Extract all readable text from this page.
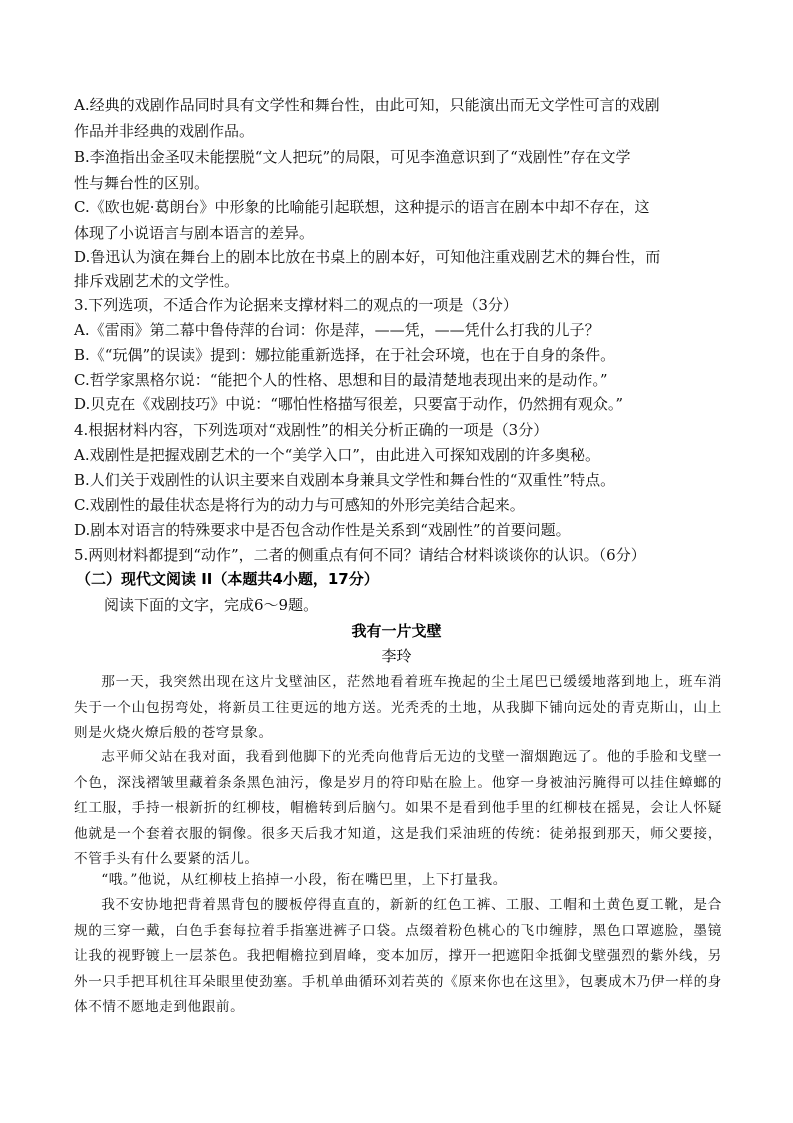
A.经典的戏剧作品同时具有文学性和舞台性，由此可知，只能演出而无文学性可言的戏剧
作品并非经典的戏剧作品。
B.李渔指出金圣叹未能摆脱“文人把玩”的局限，可见李渔意识到了“戏剧性”存在文学
性与舞台性的区别。
C.《欧也妮·葛朗台》中形象的比喻能引起联想，这种提示的语言在剧本中却不存在，这
体现了小说语言与剧本语言的差异。
D.鲁迅认为演在舞台上的剧本比放在书桌上的剧本好，可知他注重戏剧艺术的舞台性，而
排斥戏剧艺术的文学性。
3.下列选项，不适合作为论据来支撑材料二的观点的一项是（3分）
A.《雷雨》第二幕中鲁侍萍的台词：你是萍，——凭，——凭什么打我的儿子？
B.《“玩偶”的误读》提到：娜拉能重新选择，在于社会环境，也在于自身的条件。
C.哲学家黑格尔说：“能把个人的性格、思想和目的最清楚地表现出来的是动作。”
D.贝克在《戏剧技巧》中说：“哪怕性格描写很差，只要富于动作，仍然拥有观众。”
4.根据材料内容，下列选项对“戏剧性”的相关分析正确的一项是（3分）
A.戏剧性是把握戏剧艺术的一个“美学入口”，由此进入可探知戏剧的许多奥秘。
B.人们关于戏剧性的认识主要来自戏剧本身兼具文学性和舞台性的“双重性”特点。
C.戏剧性的最佳状态是将行为的动力与可感知的外形完美结合起来。
D.剧本对语言的特殊要求中是否包含动作性是关系到“戏剧性”的首要问题。
5.两则材料都提到“动作”，二者的侧重点有何不同？请结合材料谈谈你的认识。（6分）
（二）现代文阅读 II（本题共4小题，17分）
阅读下面的文字，完成6～9题。
我有一片戈壁
李玲
那一天，我突然出现在这片戈壁油区，茫然地看着班车挽起的尘土尾巴已缓缓地落到地上，班车消失于一个山包拐弯处，将新员工往更远的地方送。光秃秃的土地，从我脚下铺向远处的青克斯山，山上则是火烧火燎后般的苍穹景象。
志平师父站在我对面，我看到他脚下的光秃向他背后无边的戈壁一溜烟跑远了。他的手脸和戈壁一个色，深浅褶皱里藏着条条黑色油污，像是岁月的符印贴在脸上。他穿一身被油污腌得可以挂住蟑螂的红工服，手持一根新折的红柳枝，帽檐转到后脑勺。如果不是看到他手里的红柳枝在摇晃，会让人怀疑他就是一个套着衣服的铜像。很多天后我才知道，这是我们采油班的传统：徒弟报到那天，师父要接，不管手头有什么要紧的活儿。
“哦。”他说，从红柳枝上掐掉一小段，衔在嘴巴里，上下打量我。
我不安协地把背着黑背包的腰板停得直直的，新新的红色工裤、工服、工帽和土黄色夏工靴，是合规的三穿一戴，白色手套每拉着手指塞进裤子口袋。点缀着粉色桃心的飞巾缠脖，黑色口罩遮脸，墨镜让我的视野镀上一层茶色。我把帽檐拉到眉峰，变本加厉，撑开一把遮阳伞抵御戈壁强烈的紫外线，另外一只手把耳机往耳朵眼里使劲塞。手机单曲循环刘若英的《原来你也在这里》，包裹成木乃伊一样的身体不情不愿地走到他跟前。
